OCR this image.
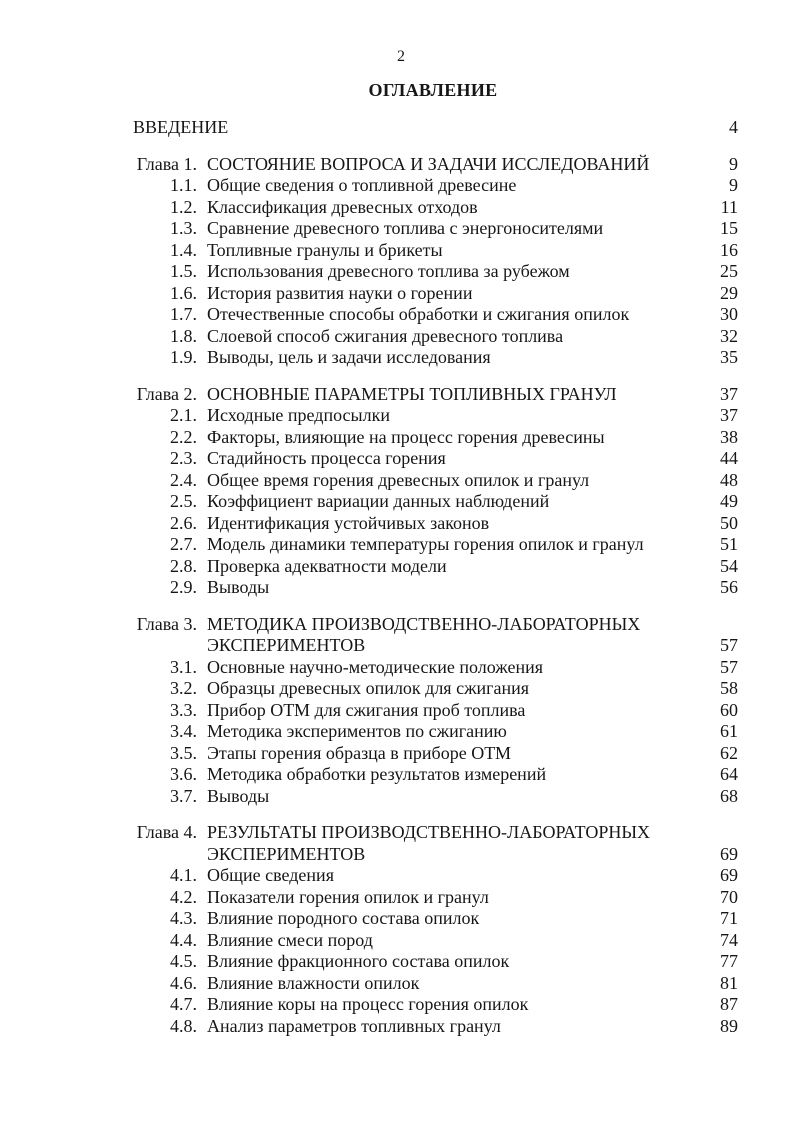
2
ОГЛАВЛЕНИЕ
ВВЕДЕНИЕ	4
Глава 1. СОСТОЯНИЕ ВОПРОСА И ЗАДАЧИ ИССЛЕДОВАНИЙ	9
1.1. Общие сведения о топливной древесине	9
1.2. Классификация древесных отходов	11
1.3. Сравнение древесного топлива с энергоносителями	15
1.4. Топливные гранулы и брикеты	16
1.5. Использования древесного топлива за рубежом	25
1.6. История развития науки о горении	29
1.7. Отечественные способы обработки и сжигания опилок	30
1.8. Слоевой способ сжигания древесного топлива	32
1.9. Выводы, цель и задачи исследования	35
Глава 2. ОСНОВНЫЕ ПАРАМЕТРЫ ТОПЛИВНЫХ ГРАНУЛ	37
2.1. Исходные предпосылки	37
2.2. Факторы, влияющие на процесс горения древесины	38
2.3. Стадийность процесса горения	44
2.4. Общее время горения древесных опилок и гранул	48
2.5. Коэффициент вариации данных наблюдений	49
2.6. Идентификация устойчивых законов	50
2.7. Модель динамики температуры горения опилок и гранул	51
2.8. Проверка адекватности модели	54
2.9. Выводы	56
Глава 3. МЕТОДИКА ПРОИЗВОДСТВЕННО-ЛАБОРАТОРНЫХ
ЭКСПЕРИМЕНТОВ	57
3.1. Основные научно-методические положения	57
3.2. Образцы древесных опилок для сжигания	58
3.3. Прибор ОТМ для сжигания проб топлива	60
3.4. Методика экспериментов по сжиганию	61
3.5. Этапы горения образца в приборе ОТМ	62
3.6. Методика обработки результатов измерений	64
3.7. Выводы	68
Глава 4. РЕЗУЛЬТАТЫ ПРОИЗВОДСТВЕННО-ЛАБОРАТОРНЫХ
ЭКСПЕРИМЕНТОВ	69
4.1. Общие сведения	69
4.2. Показатели горения опилок и гранул	70
4.3. Влияние породного состава опилок	71
4.4. Влияние смеси пород	74
4.5. Влияние фракционного состава опилок	77
4.6. Влияние влажности опилок	81
4.7. Влияние коры на процесс горения опилок	87
4.8. Анализ параметров топливных гранул	89
